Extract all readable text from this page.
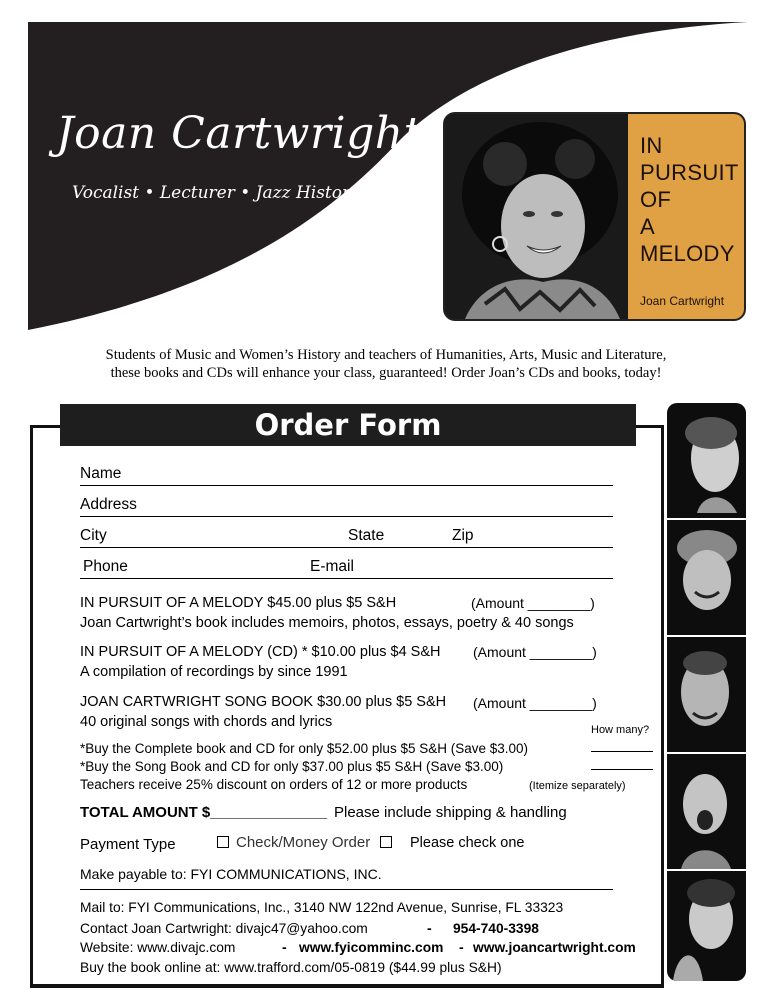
Joan Cartwright
Vocalist • Lecturer • Jazz Historian
IN
PURSUIT
OF
A
MELODY
Joan Cartwright
Students of Music and Women’s History and teachers of Humanities, Arts, Music and Literature,
these books and CDs will enhance your class, guaranteed! Order Joan’s CDs and books, today!
Order Form
Name
Address
City	State	Zip
Phone	E-mail
IN PURSUIT OF A MELODY $45.00 plus $5 S&H
Joan Cartwright’s book includes memoirs, photos, essays, poetry & 40 songs
(Amount ________)
IN PURSUIT OF A MELODY (CD) * $10.00 plus $4 S&H
A compilation of recordings by since 1991
(Amount ________)
JOAN CARTWRIGHT SONG BOOK $30.00 plus $5 S&H
40 original songs with chords and lyrics
(Amount ________)
How many?
*Buy the Complete book and CD for only $52.00 plus $5 S&H (Save $3.00)
*Buy the Song Book and CD for only $37.00 plus $5 S&H (Save $3.00)
Teachers receive 25% discount on orders of 12 or more products	(Itemize separately)
TOTAL AMOUNT $______________ Please include shipping & handling
Payment Type	Check/Money Order	Please check one
Make payable to: FYI COMMUNICATIONS, INC.
Mail to: FYI Communications, Inc., 3140 NW 122nd Avenue, Sunrise, FL 33323
Contact Joan Cartwright: divajc47@yahoo.com	- 954-740-3398
Website: www.divajc.com	- www.fyicomminc.com - www.joancartwright.com
Buy the book online at: www.trafford.com/05-0819 ($44.99 plus S&H)
